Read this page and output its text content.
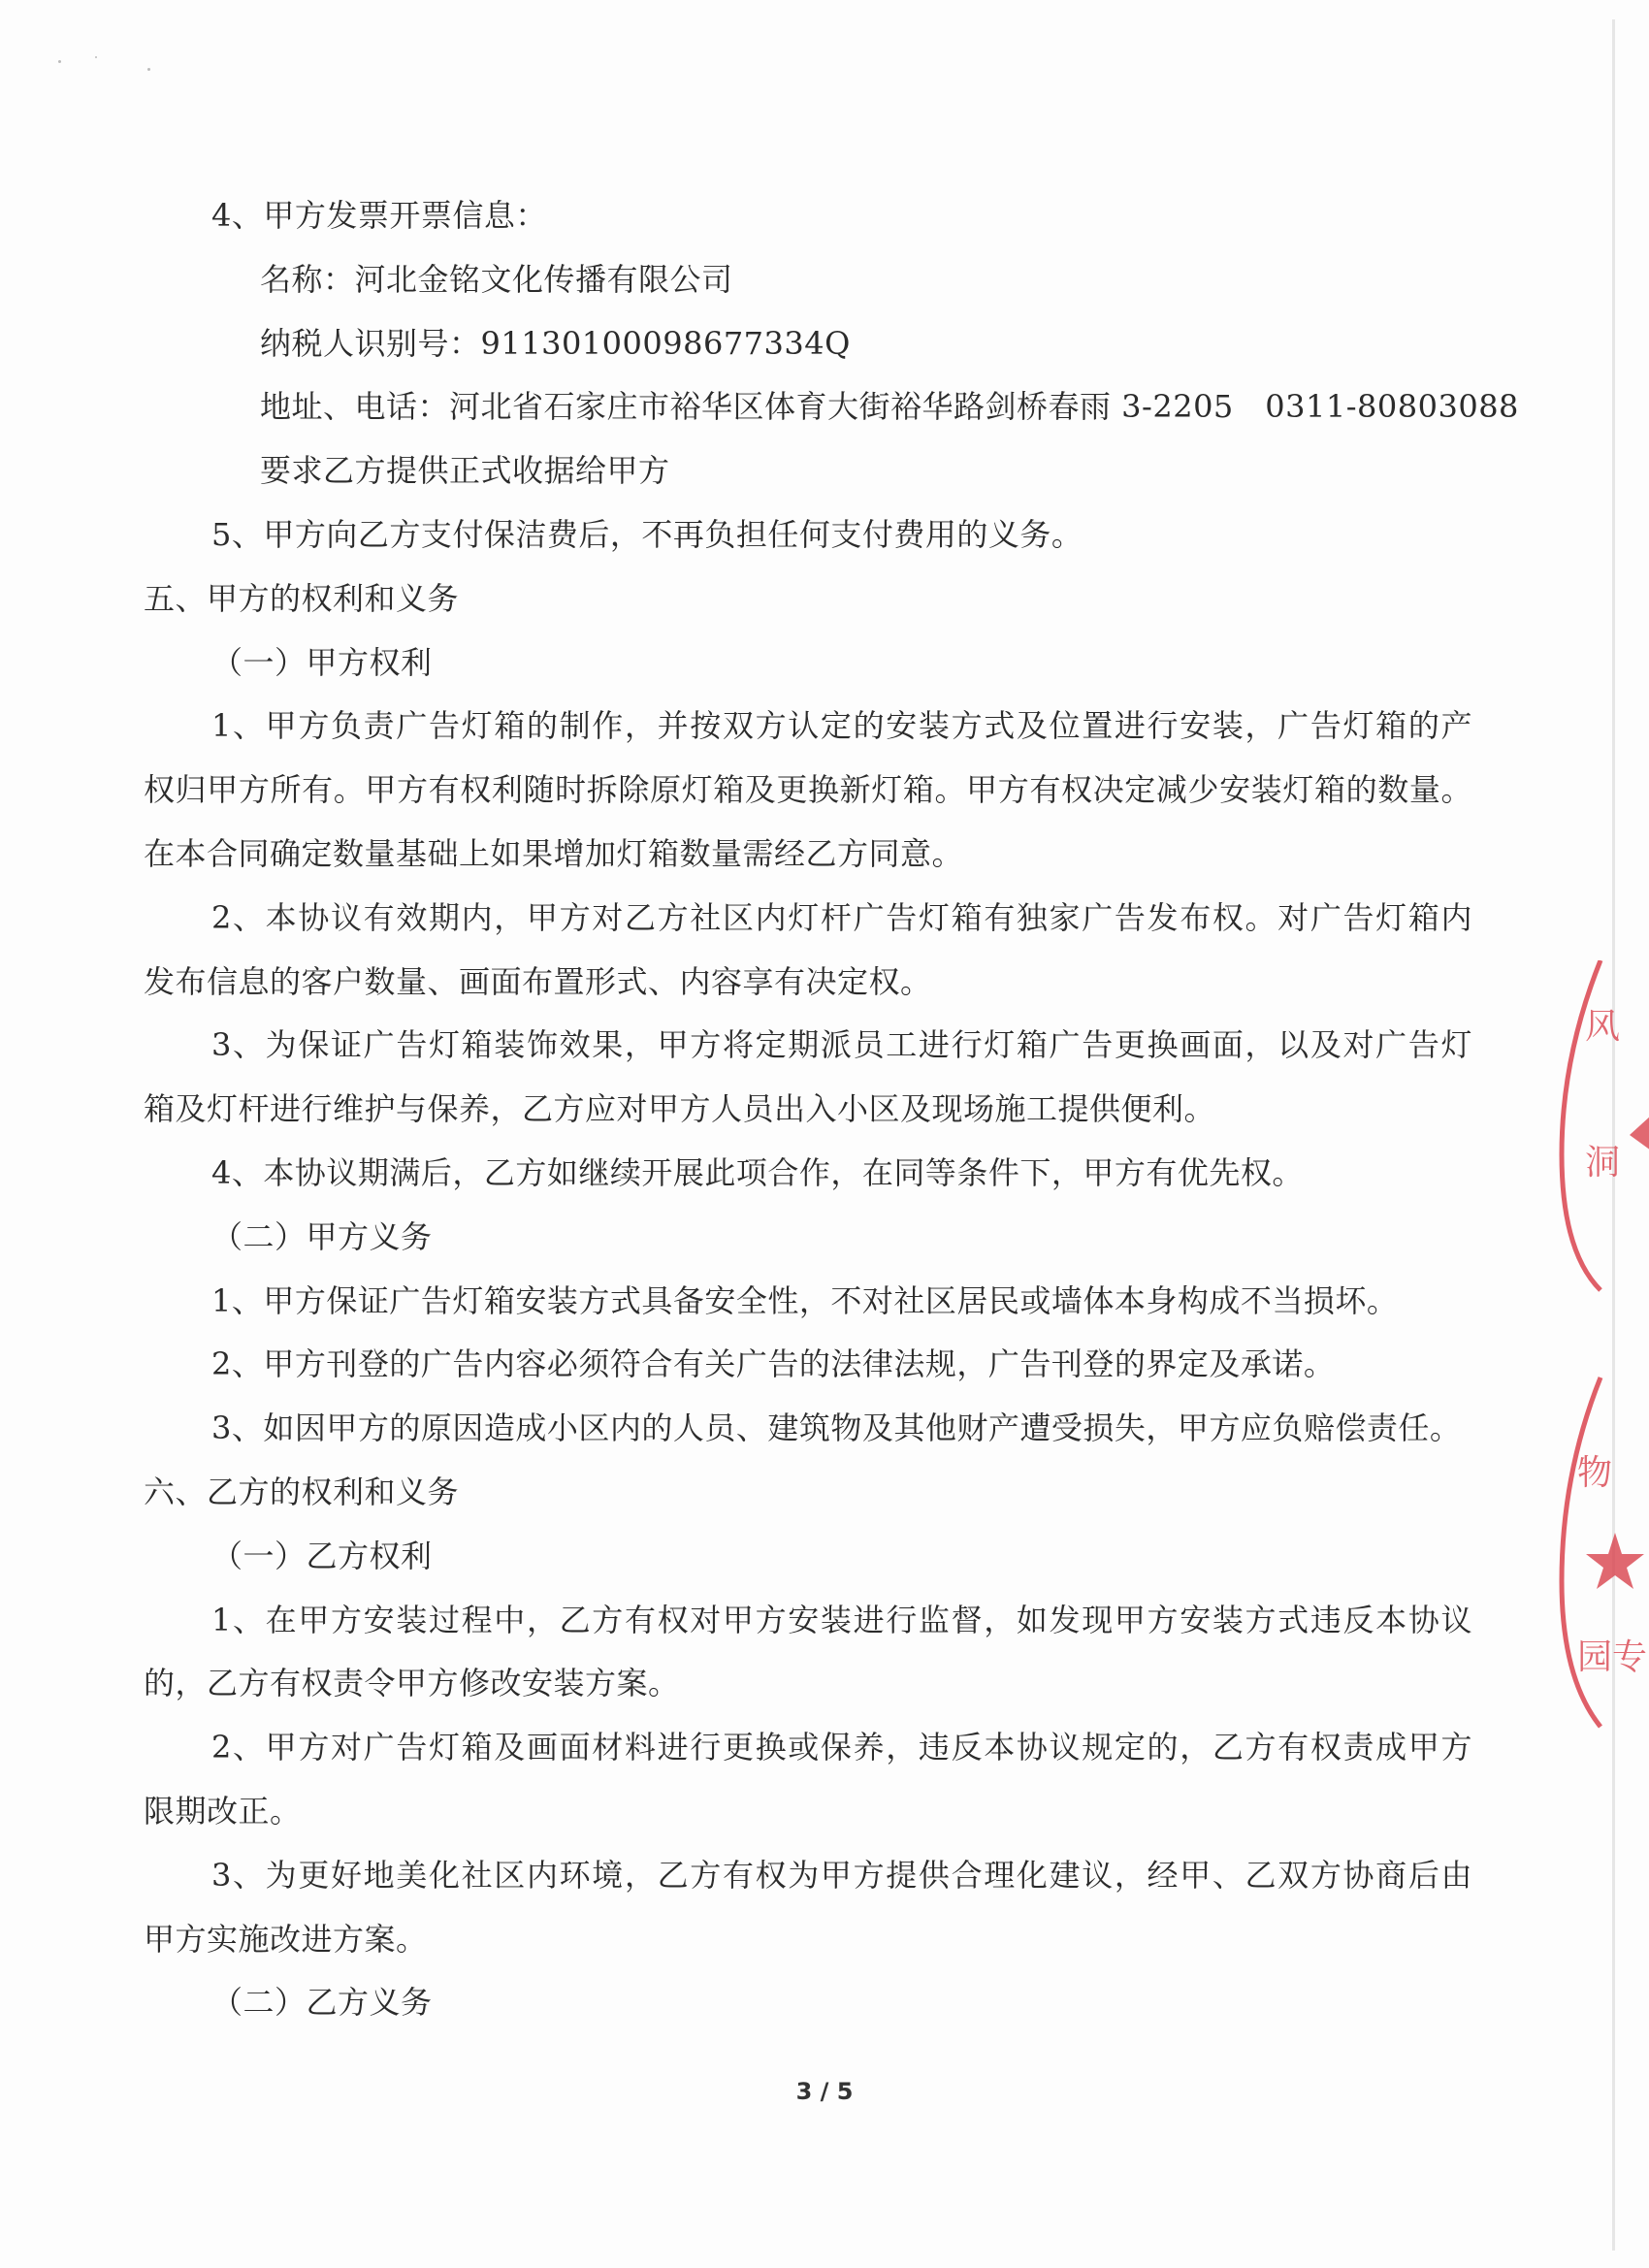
4、甲方发票开票信息：
名称：河北金铭文化传播有限公司
纳税人识别号：91130100098677334Q
地址、电话：河北省石家庄市裕华区体育大街裕华路剑桥春雨 3-2205　0311-80803088
要求乙方提供正式收据给甲方
5、甲方向乙方支付保洁费后，不再负担任何支付费用的义务。
五、甲方的权利和义务
（一）甲方权利
1、甲方负责广告灯箱的制作，并按双方认定的安装方式及位置进行安装，广告灯箱的产
权归甲方所有。甲方有权利随时拆除原灯箱及更换新灯箱。甲方有权决定减少安装灯箱的数量。
在本合同确定数量基础上如果增加灯箱数量需经乙方同意。
2、本协议有效期内，甲方对乙方社区内灯杆广告灯箱有独家广告发布权。对广告灯箱内
发布信息的客户数量、画面布置形式、内容享有决定权。
3、为保证广告灯箱装饰效果，甲方将定期派员工进行灯箱广告更换画面，以及对广告灯
箱及灯杆进行维护与保养，乙方应对甲方人员出入小区及现场施工提供便利。
4、本协议期满后，乙方如继续开展此项合作，在同等条件下，甲方有优先权。
（二）甲方义务
1、甲方保证广告灯箱安装方式具备安全性，不对社区居民或墙体本身构成不当损坏。
2、甲方刊登的广告内容必须符合有关广告的法律法规，广告刊登的界定及承诺。
3、如因甲方的原因造成小区内的人员、建筑物及其他财产遭受损失，甲方应负赔偿责任。
六、乙方的权利和义务
（一）乙方权利
1、在甲方安装过程中，乙方有权对甲方安装进行监督，如发现甲方安装方式违反本协议
的，乙方有权责令甲方修改安装方案。
2、甲方对广告灯箱及画面材料进行更换或保养，违反本协议规定的，乙方有权责成甲方
限期改正。
3、为更好地美化社区内环境，乙方有权为甲方提供合理化建议，经甲、乙双方协商后由
甲方实施改进方案。
（二）乙方义务
风
洞
物
园专
3 / 5
